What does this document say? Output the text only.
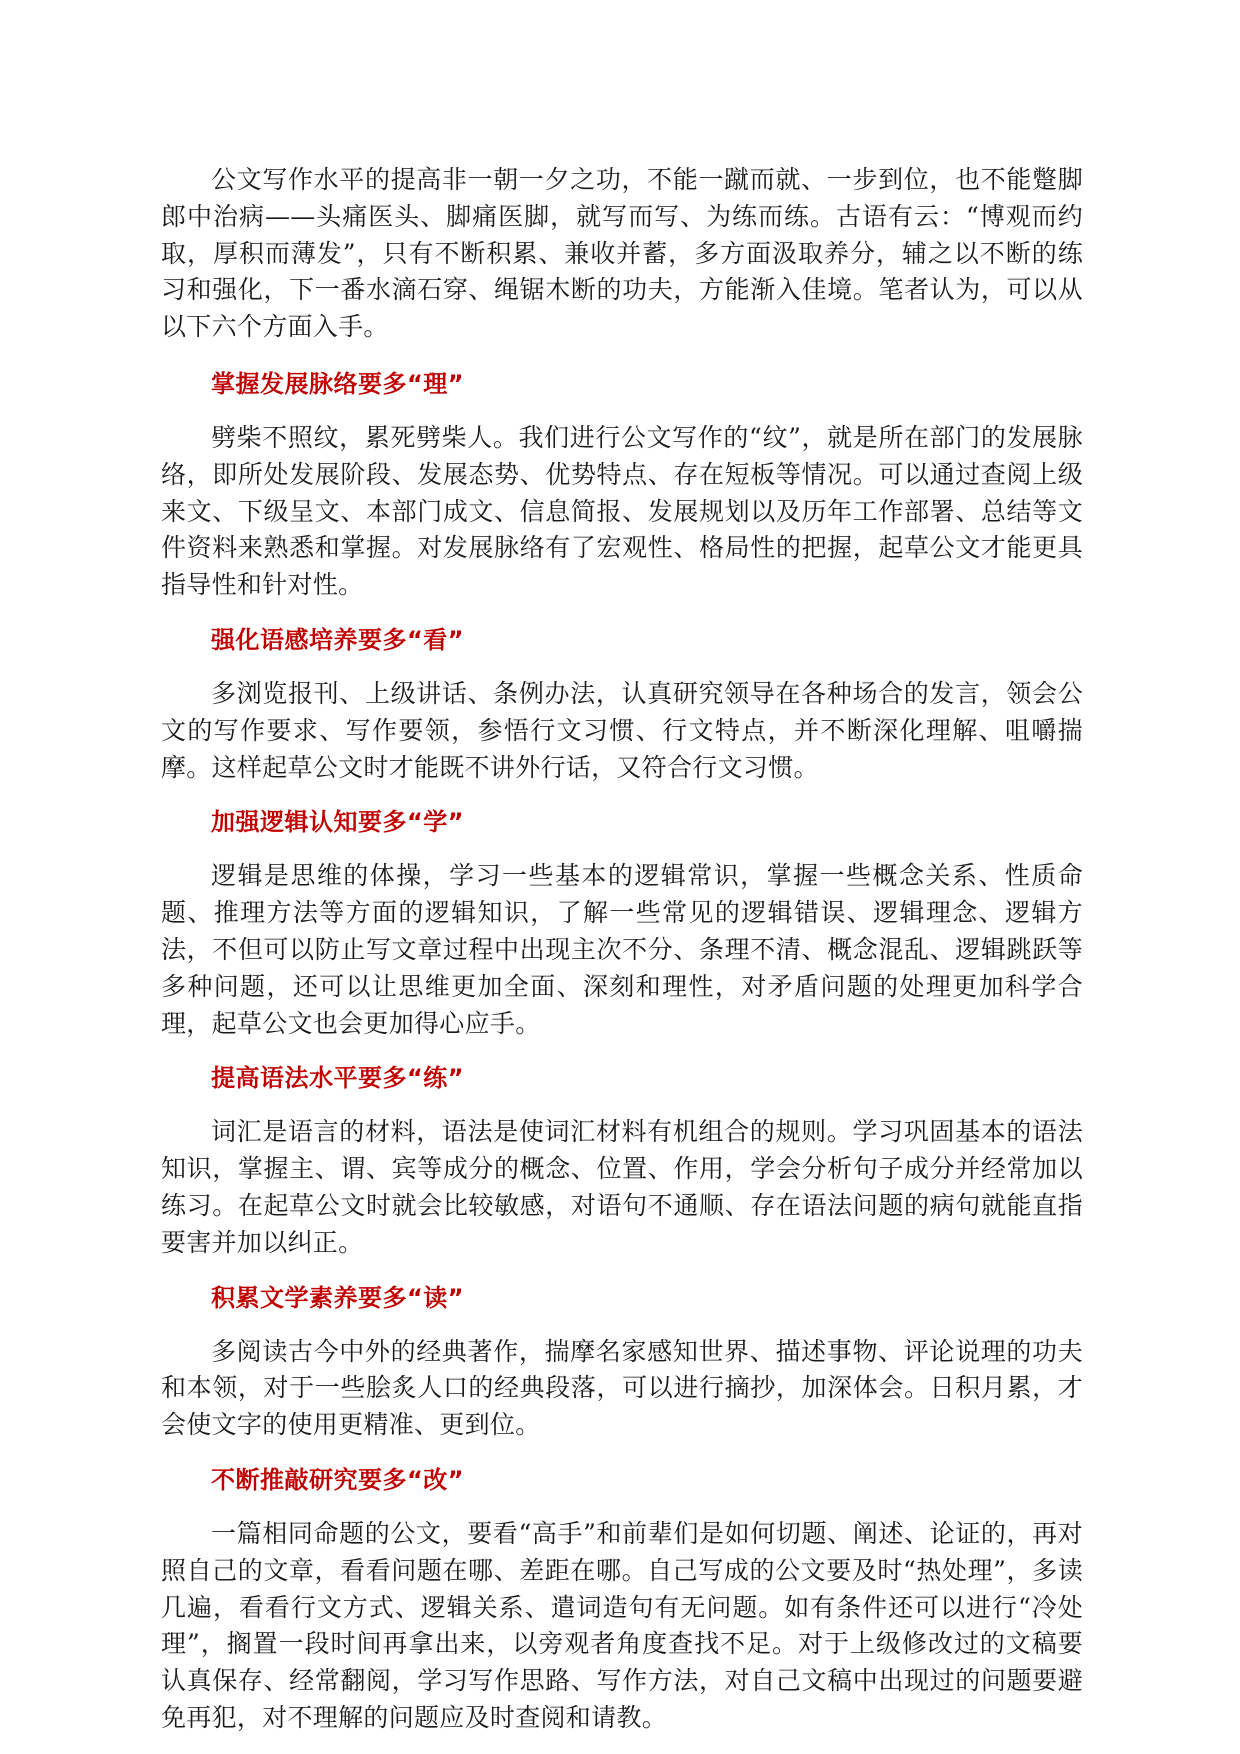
公文写作水平的提高非一朝一夕之功，不能一蹴而就、一步到位，也不能蹩脚郎中治病——头痛医头、脚痛医脚，就写而写、为练而练。古语有云：“博观而约取，厚积而薄发”，只有不断积累、兼收并蓄，多方面汲取养分，辅之以不断的练习和强化，下一番水滴石穿、绳锯木断的功夫，方能渐入佳境。笔者认为，可以从以下六个方面入手。

掌握发展脉络要多“理”

劈柴不照纹，累死劈柴人。我们进行公文写作的“纹”，就是所在部门的发展脉络，即所处发展阶段、发展态势、优势特点、存在短板等情况。可以通过查阅上级来文、下级呈文、本部门成文、信息简报、发展规划以及历年工作部署、总结等文件资料来熟悉和掌握。对发展脉络有了宏观性、格局性的把握，起草公文才能更具指导性和针对性。

强化语感培养要多“看”

多浏览报刊、上级讲话、条例办法，认真研究领导在各种场合的发言，领会公文的写作要求、写作要领，参悟行文习惯、行文特点，并不断深化理解、咀嚼揣摩。这样起草公文时才能既不讲外行话，又符合行文习惯。

加强逻辑认知要多“学”

逻辑是思维的体操，学习一些基本的逻辑常识，掌握一些概念关系、性质命题、推理方法等方面的逻辑知识，了解一些常见的逻辑错误、逻辑理念、逻辑方法，不但可以防止写文章过程中出现主次不分、条理不清、概念混乱、逻辑跳跃等多种问题，还可以让思维更加全面、深刻和理性，对矛盾问题的处理更加科学合理，起草公文也会更加得心应手。

提高语法水平要多“练”

词汇是语言的材料，语法是使词汇材料有机组合的规则。学习巩固基本的语法知识，掌握主、谓、宾等成分的概念、位置、作用，学会分析句子成分并经常加以练习。在起草公文时就会比较敏感，对语句不通顺、存在语法问题的病句就能直指要害并加以纠正。

积累文学素养要多“读”

多阅读古今中外的经典著作，揣摩名家感知世界、描述事物、评论说理的功夫和本领，对于一些脍炙人口的经典段落，可以进行摘抄，加深体会。日积月累，才会使文字的使用更精准、更到位。

不断推敲研究要多“改”

一篇相同命题的公文，要看“高手”和前辈们是如何切题、阐述、论证的，再对照自己的文章，看看问题在哪、差距在哪。自己写成的公文要及时“热处理”，多读几遍，看看行文方式、逻辑关系、遣词造句有无问题。如有条件还可以进行“冷处理”，搁置一段时间再拿出来，以旁观者角度查找不足。对于上级修改过的文稿要认真保存、经常翻阅，学习写作思路、写作方法，对自己文稿中出现过的问题要避免再犯，对不理解的问题应及时查阅和请教。
